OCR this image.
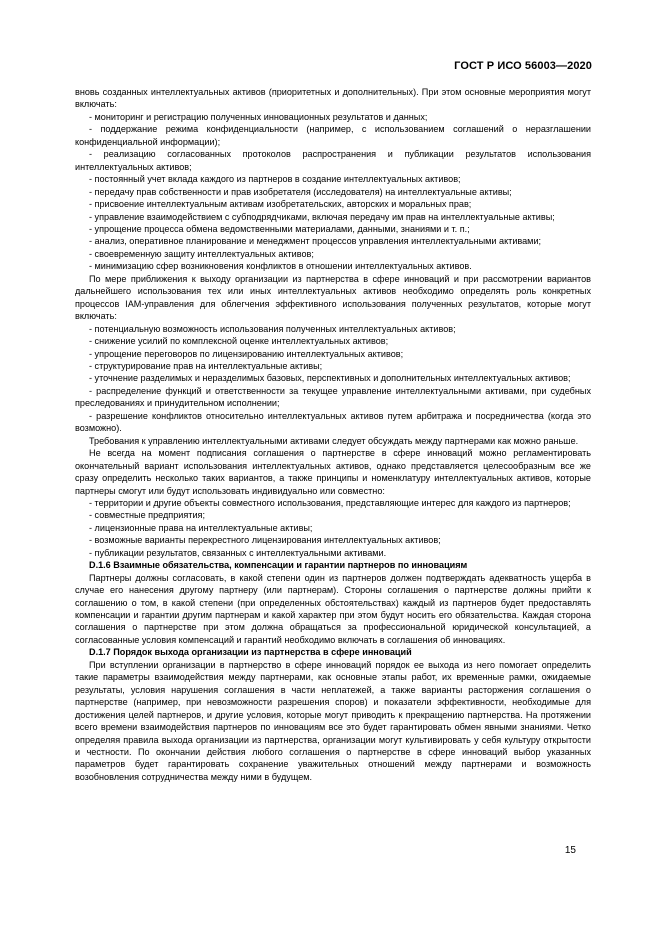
ГОСТ Р ИСО 56003—2020

вновь созданных интеллектуальных активов (приоритетных и дополнительных). При этом основные мероприятия могут включать:

- мониторинг и регистрацию полученных инновационных результатов и данных;

- поддержание режима конфиденциальности (например, с использованием соглашений о неразглашении конфиденциальной информации);

- реализацию согласованных протоколов распространения и публикации результатов использования интеллектуальных активов;

- постоянный учет вклада каждого из партнеров в создание интеллектуальных активов;

- передачу прав собственности и прав изобретателя (исследователя) на интеллектуальные активы;

- присвоение интеллектуальным активам изобретательских, авторских и моральных прав;

- управление взаимодействием с субподрядчиками, включая передачу им прав на интеллектуальные активы;

- упрощение процесса обмена ведомственными материалами, данными, знаниями и т. п.;

- анализ, оперативное планирование и менеджмент процессов управления интеллектуальными активами;

- своевременную защиту интеллектуальных активов;

- минимизацию сфер возникновения конфликтов в отношении интеллектуальных активов.

По мере приближения к выходу организации из партнерства в сфере инноваций и при рассмотрении вариантов дальнейшего использования тех или иных интеллектуальных активов необходимо определять роль конкретных процессов IAM-управления для облегчения эффективного использования полученных результатов, которые могут включать:

- потенциальную возможность использования полученных интеллектуальных активов;

- снижение усилий по комплексной оценке интеллектуальных активов;

- упрощение переговоров по лицензированию интеллектуальных активов;

- структурирование прав на интеллектуальные активы;

- уточнение разделимых и неразделимых базовых, перспективных и дополнительных интеллектуальных активов;

- распределение функций и ответственности за текущее управление интеллектуальными активами, при судебных преследованиях и принудительном исполнении;

- разрешение конфликтов относительно интеллектуальных активов путем арбитража и посредничества (когда это возможно).

Требования к управлению интеллектуальными активами следует обсуждать между партнерами как можно раньше.

Не всегда на момент подписания соглашения о партнерстве в сфере инноваций можно регламентировать окончательный вариант использования интеллектуальных активов, однако представляется целесообразным все же сразу определить несколько таких вариантов, а также принципы и номенклатуру интеллектуальных активов, которые партнеры смогут или будут использовать индивидуально или совместно:

- территории и другие объекты совместного использования, представляющие интерес для каждого из партнеров;

- совместные предприятия;

- лицензионные права на интеллектуальные активы;

- возможные варианты перекрестного лицензирования интеллектуальных активов;

- публикации результатов, связанных с интеллектуальными активами.

D.1.6 Взаимные обязательства, компенсации и гарантии партнеров по инновациям

Партнеры должны согласовать, в какой степени один из партнеров должен подтверждать адекватность ущерба в случае его нанесения другому партнеру (или партнерам). Стороны соглашения о партнерстве должны прийти к соглашению о том, в какой степени (при определенных обстоятельствах) каждый из партнеров будет предоставлять компенсации и гарантии другим партнерам и какой характер при этом будут носить его обязательства. Каждая сторона соглашения о партнерстве при этом должна обращаться за профессиональной юридической консультацией, а согласованные условия компенсаций и гарантий необходимо включать в соглашения об инновациях.

D.1.7 Порядок выхода организации из партнерства в сфере инноваций

При вступлении организации в партнерство в сфере инноваций порядок ее выхода из него помогает определить такие параметры взаимодействия между партнерами, как основные этапы работ, их временные рамки, ожидаемые результаты, условия нарушения соглашения в части неплатежей, а также варианты расторжения соглашения о партнерстве (например, при невозможности разрешения споров) и показатели эффективности, необходимые для достижения целей партнеров, и другие условия, которые могут приводить к прекращению партнерства. На протяжении всего времени взаимодействия партнеров по инновациям все это будет гарантировать обмен явными знаниями. Четко определяя правила выхода организации из партнерства, организации могут культивировать у себя культуру открытости и честности. По окончании действия любого соглашения о партнерстве в сфере инноваций выбор указанных параметров будет гарантировать сохранение уважительных отношений между партнерами и возможность возобновления сотрудничества между ними в будущем.

15
